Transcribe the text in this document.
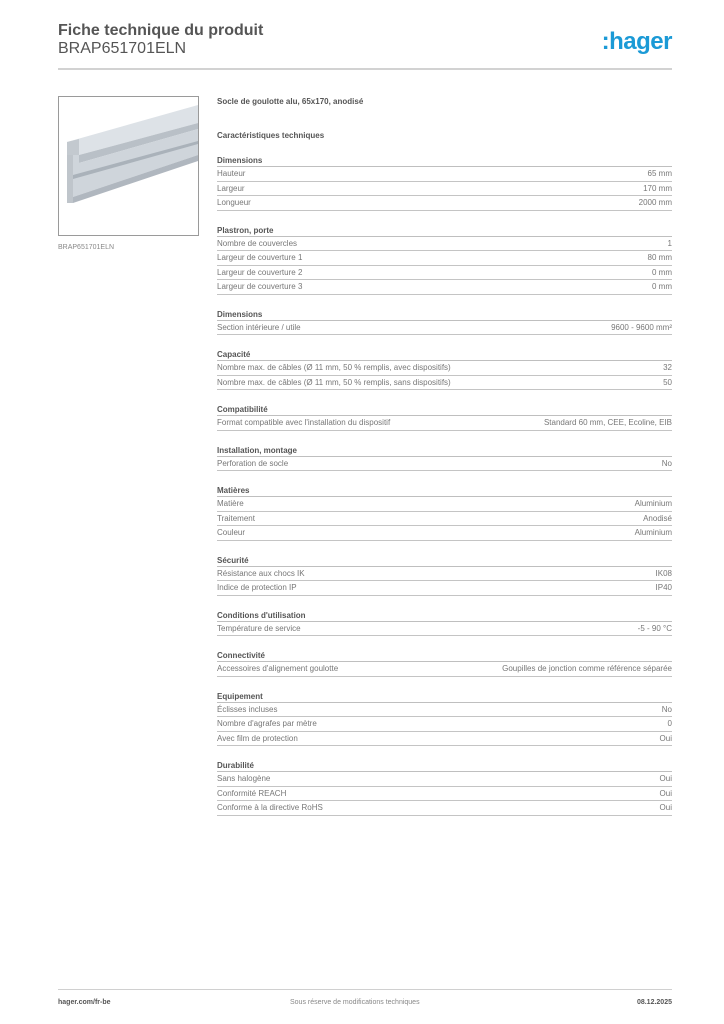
Fiche technique du produit
BRAP651701ELN	:hager
BRAP651701ELN
Socle de goulotte alu, 65x170, anodisé
Caractéristiques techniques
Dimensions
Hauteur	65 mm
Largeur	170 mm
Longueur	2000 mm
Plastron, porte
Nombre de couvercles	1
Largeur de couverture 1	80 mm
Largeur de couverture 2	0 mm
Largeur de couverture 3	0 mm
Dimensions
Section intérieure / utile	9600 - 9600 mm²
Capacité
Nombre max. de câbles (Ø 11 mm, 50 % remplis, avec dispositifs)	32
Nombre max. de câbles (Ø 11 mm, 50 % remplis, sans dispositifs)	50
Compatibilité
Format compatible avec l'installation du dispositif	Standard 60 mm, CEE, Ecoline, EIB
Installation, montage
Perforation de socle	No
Matières
Matière	Aluminium
Traitement	Anodisé
Couleur	Aluminium
Sécurité
Résistance aux chocs IK	IK08
Indice de protection IP	IP40
Conditions d'utilisation
Température de service	-5 - 90 °C
Connectivité
Accessoires d'alignement goulotte	Goupilles de jonction comme référence séparée
Equipement
Éclisses incluses	No
Nombre d'agrafes par mètre	0
Avec film de protection	Oui
Durabilité
Sans halogène	Oui
Conformité REACH	Oui
Conforme à la directive RoHS	Oui
hager.com/fr-be	Sous réserve de modifications techniques	08.12.2025
